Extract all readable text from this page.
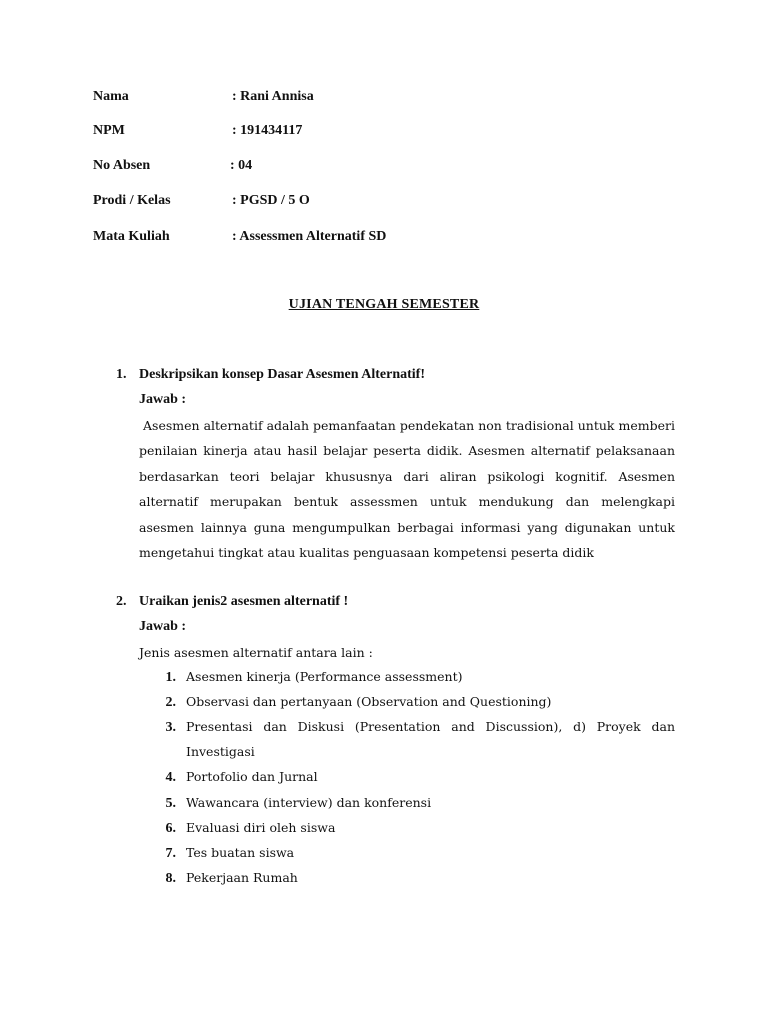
Nama	: Rani Annisa
NPM	: 191434117
No Absen	: 04
Prodi / Kelas	: PGSD / 5 O
Mata Kuliah	: Assessmen Alternatif SD
UJIAN TENGAH SEMESTER
1. Deskripsikan konsep Dasar Asesmen Alternatif!
Jawab :
Asesmen alternatif adalah pemanfaatan pendekatan non tradisional untuk memberi penilaian kinerja atau hasil belajar peserta didik. Asesmen alternatif pelaksanaan berdasarkan teori belajar khususnya dari aliran psikologi kognitif. Asesmen alternatif merupakan bentuk assessmen untuk mendukung dan melengkapi asesmen lainnya guna mengumpulkan berbagai informasi yang digunakan untuk mengetahui tingkat atau kualitas penguasaan kompetensi peserta didik
2. Uraikan jenis2 asesmen alternatif !
Jawab :
Jenis asesmen alternatif antara lain :
1. Asesmen kinerja (Performance assessment)
2. Observasi dan pertanyaan (Observation and Questioning)
3. Presentasi dan Diskusi (Presentation and Discussion), d) Proyek dan Investigasi
4. Portofolio dan Jurnal
5. Wawancara (interview) dan konferensi
6. Evaluasi diri oleh siswa
7. Tes buatan siswa
8. Pekerjaan Rumah
